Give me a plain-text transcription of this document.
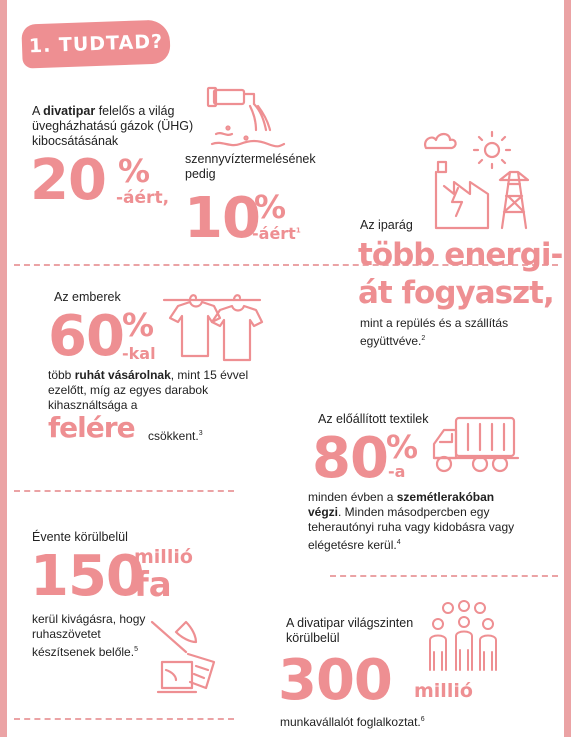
1. TUDTAD?
A divatipar felelős a világ üvegházhatású gázok (ÜHG) kibocsátásának
20 %
-áért,
szennyvíztermelésének pedig
10
%
-áért$^1$	Az iparág
több energi-
át fogyaszt,
mint a repülés és a szállítás együttvéve.$^2$
Az emberek
60
%
-kal
több ruhát vásárolnak, mint 15 évvel ezelőtt, míg az egyes darabok kihasználtsága a
felére csökkent.$^3$
Az előállított textilek
80
%
-a
minden évben a szemétlerakóban végzi. Minden másodpercben egy teherautónyi ruha vagy kidobásra vagy elégetésre kerül.$^4$
Évente körülbelül
150
millió
fa
kerül kivágásra, hogy ruhaszövetet készítsenek belőle.$^5$
A divatipar világszinten körülbelül
300 millió
munkavállalót foglalkoztat.$^6$
